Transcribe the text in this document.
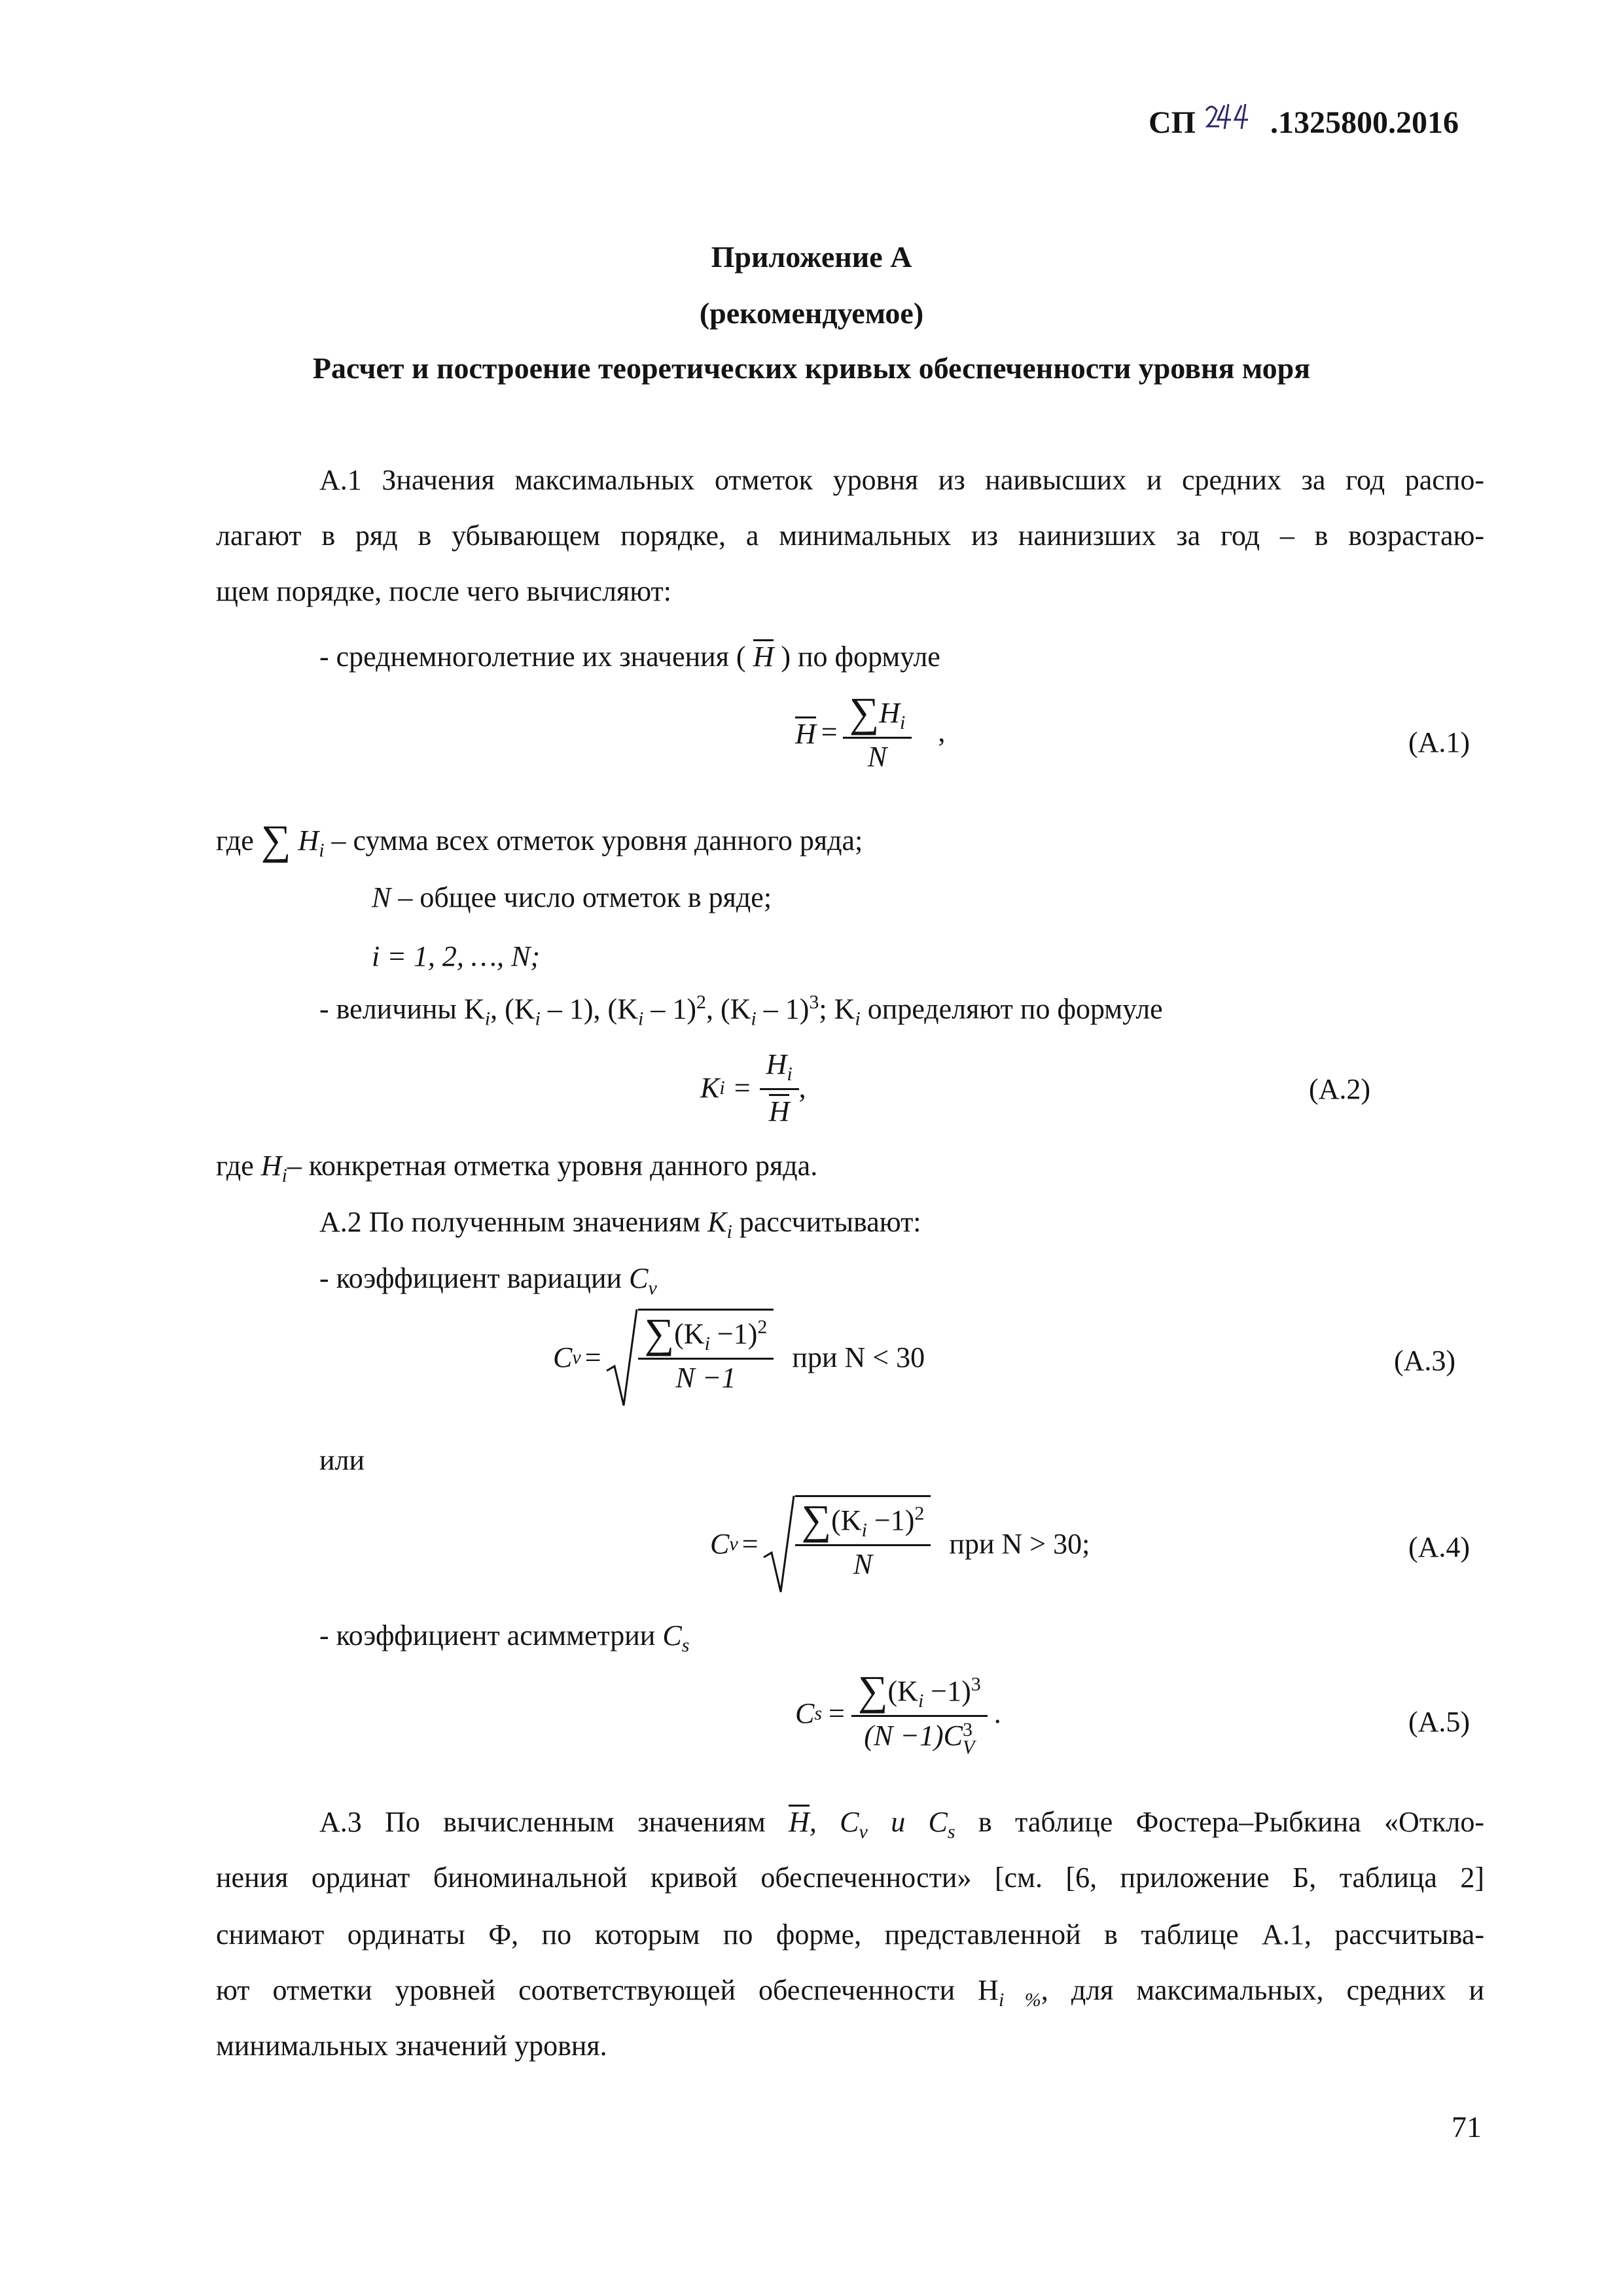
СП .1325800.2016
Приложение А
(рекомендуемое)
Расчет и построение теоретических кривых обеспеченности уровня моря
А.1 Значения максимальных отметок уровня из наивысших и средних за год распо-
лагают в ряд в убывающем порядке, а минимальных из наинизших за год – в возрастаю-
щем порядке, после чего вычисляют:
- среднемноголетние их значения ( H ) по формуле
$H = \frac{\sum H_i}{N}$ ,	(А.1)
где ∑ $H_i$ – сумма всех отметок уровня данного ряда;
N – общее число отметок в ряде;
i = 1, 2, …, N;
- величины $K_i$, $(K_i - 1)$, $(K_i - 1)^2$, $(K_i - 1)^3$; $K_i$ определяют по формуле
K $i = \frac{H_i}{H}$ ,	(А.2)
где $H_i-$ конкретная отметка уровня данного ряда.
А.2 По полученным значениям $K_i$ рассчитывают:
- коэффициент вариации $C_v$
C $v = \frac{\sum(K_i -1)^2}{N -1}$ при N < 30	(А.3)
или
C $v = \frac{\sum(K_i -1)^2}{N}$ при N > 30;	(А.4)
- коэффициент асимметрии $C_s$
C $s = \sum(K_i -1)^3$
(N −1)C 3
V .	(А.5)
А.3 По вычисленным значениям H, $C_v$ и $C_s$ в таблице Фостера–Рыбкина «Откло-
нения ординат биноминальной кривой обеспеченности» [см. [6, приложение Б, таблица 2]
снимают ординаты Ф, по которым по форме, представленной в таблице А.1, рассчитыва-
ют отметки уровней соответствующей обеспеченности $H_{i \%}$, для максимальных, средних и
минимальных значений уровня.
71
